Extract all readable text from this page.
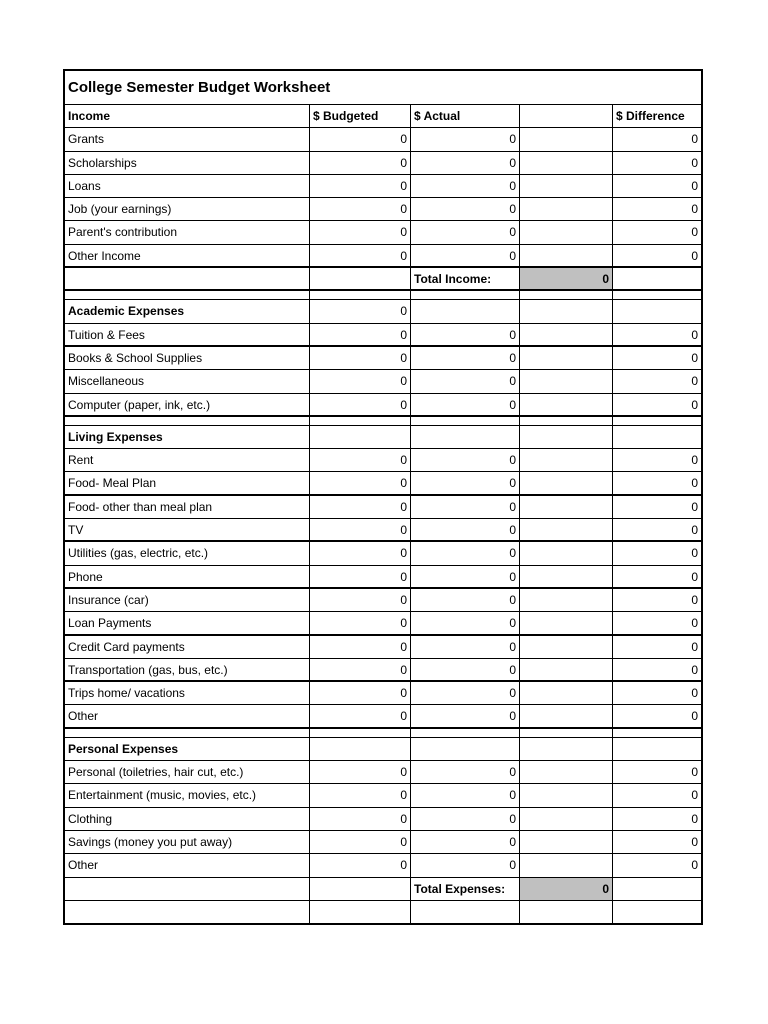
College Semester Budget Worksheet
Income	$ Budgeted	$ Actual	$ Difference
Grants	0	0	0
Scholarships	0	0	0
Loans	0	0	0
Job (your earnings)	0	0	0
Parent's contribution	0	0	0
Other Income	0	0	0
Total Income:	0
Academic Expenses	0
Tuition & Fees	0	0	0
Books & School Supplies	0	0	0
Miscellaneous	0	0	0
Computer (paper, ink, etc.)	0	0	0
Living Expenses
Rent	0	0	0
Food- Meal Plan	0	0	0
Food- other than meal plan	0	0	0
TV	0	0	0
Utilities (gas, electric, etc.)	0	0	0
Phone	0	0	0
Insurance (car)	0	0	0
Loan Payments	0	0	0
Credit Card payments	0	0	0
Transportation (gas, bus, etc.)	0	0	0
Trips home/ vacations	0	0	0
Other	0	0	0
Personal Expenses
Personal (toiletries, hair cut, etc.)	0	0	0
Entertainment (music, movies, etc.)	0	0	0
Clothing	0	0	0
Savings (money you put away)	0	0	0
Other	0	0	0
Total Expenses:	0
